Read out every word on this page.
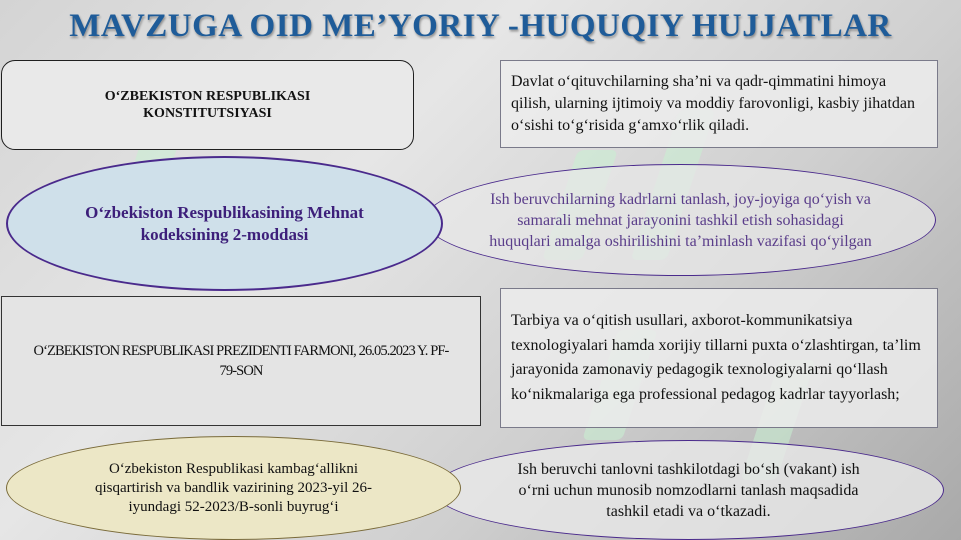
MAVZUGA OID ME’YORIY -HUQUQIY HUJJATLAR
O‘ZBEKISTON RESPUBLIKASI KONSTITUTSIYASI
Davlat o‘qituvchilarning sha’ni va qadr-qimmatini himoya qilish, ularning ijtimoiy va moddiy farovonligi, kasbiy jihatdan o‘sishi to‘g‘risida g‘amxo‘rlik qiladi.
Ish beruvchilarning kadrlarni tanlash, joy-joyiga qo‘yish va samarali mehnat jarayonini tashkil etish sohasidagi huquqlari amalga oshirilishini ta’minlash vazifasi qo‘yilgan
O‘zbekiston Respublikasining Mehnat kodeksining 2-moddasi
O‘ZBEKISTON RESPUBLIKASI PREZIDENTI FARMONI, 26.05.2023 Y. PF-79-SON
Tarbiya va o‘qitish usullari, axborot-kommunikatsiya texnologiyalari hamda xorijiy tillarni puxta o‘zlashtirgan, ta’lim jarayonida zamonaviy pedagogik texnologiyalarni qo‘llash ko‘nikmalariga ega professional pedagog kadrlar tayyorlash;
Ish beruvchi tanlovni tashkilotdagi bo‘sh (vakant) ish o‘rni uchun munosib nomzodlarni tanlash maqsadida tashkil etadi va o‘tkazadi.
O‘zbekiston Respublikasi kambag‘allikni qisqartirish va bandlik vazirining 2023-yil 26-iyundagi 52-2023/B-sonli buyrug‘i
